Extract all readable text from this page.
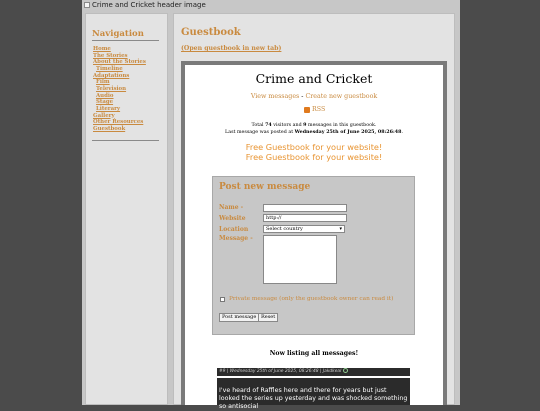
Crime and Cricket header image
Navigation
Home
The Stories
About the Stories
Timeline
Adaptations
Film
Television
Audio
Stage
Literary
Gallery
Other Resources
Guestbook
Guestbook
(Open guestbook in new tab)
Crime and Cricket
View messages - Create new guestbook
RSS
Total 74 visitors and 9 messages in this guestbook.
Last message was posted at Wednesday 25th of June 2025, 08:26:48.
Free Guestbook for your website!
Free Guestbook for your website!
Post new message
Name -
Website	http://
Location	Select country	▾
Message -
Private message (only the guestbook owner can read it)
Post message Reset
Now listing all messages!
#9 | Wednesday 25th of June 2025, 08:26:48 | Jakdkeal
I've heard of Raffles here and there for years but just looked the series up yesterday and was shocked something so antisocial
